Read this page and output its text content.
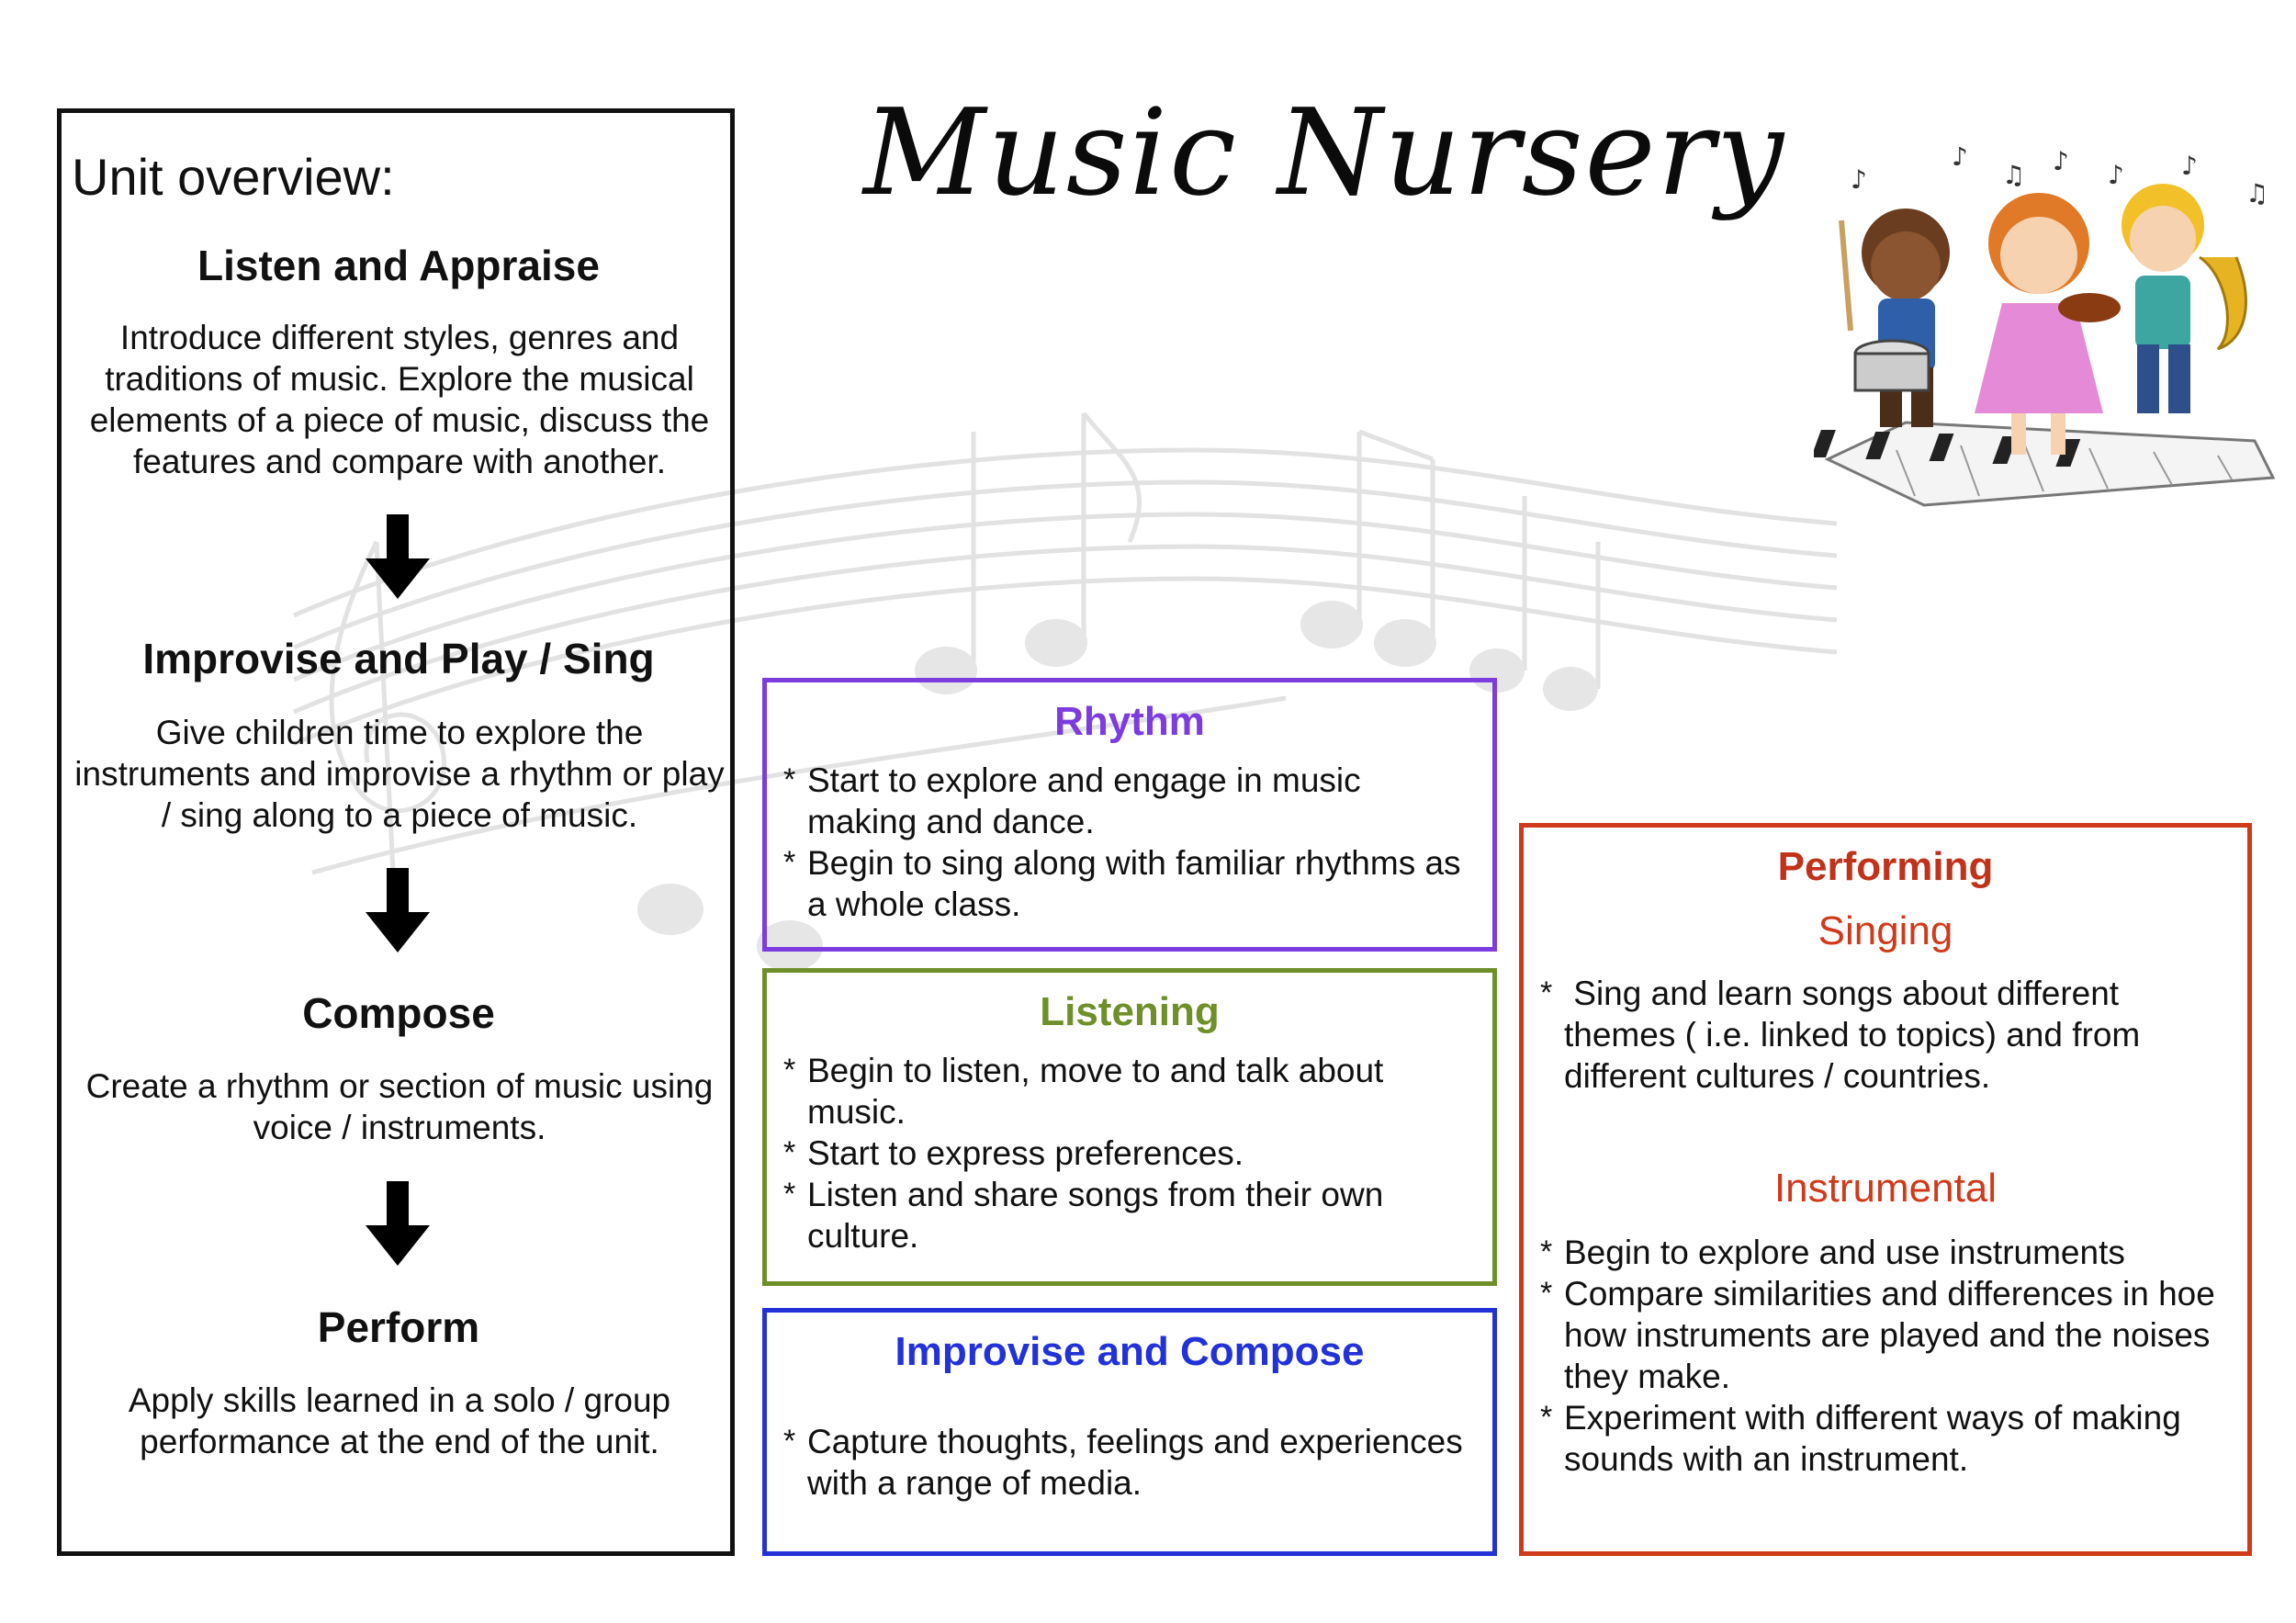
Music Nursery	♪
♪
♫ ♪ ♪ ♪
♫
Unit overview:
Listen and Appraise
Introduce different styles, genres and traditions of music. Explore the musical elements of a piece of music, discuss the features and compare with another.
Improvise and Play / Sing
Give children time to explore the instruments and improvise a rhythm or play / sing along to a piece of music.
Compose
Create a rhythm or section of music using voice / instruments.
Perform
Apply skills learned in a solo / group performance at the end of the unit.
Rhythm
* Start to explore and engage in music making and dance.
* Begin to sing along with familiar rhythms as a whole class.
Listening
* Begin to listen, move to and talk about music.
* Start to express preferences.
* Listen and share songs from their own culture.
Improvise and Compose
* Capture thoughts, feelings and experiences with a range of media.
Performing
Singing
* Sing and learn songs about different themes ( i.e. linked to topics) and from different cultures / countries.
Instrumental
* Begin to explore and use instruments
* Compare similarities and differences in hoe how instruments are played and the noises they make.
* Experiment with different ways of making sounds with an instrument.
